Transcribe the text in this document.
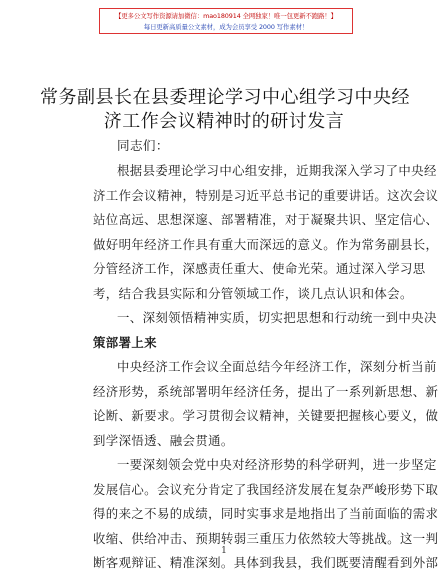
【更多公文写作资源请加微信：mao180914 全网独家！唯一包更新不跑路！】
每日更新高质量公文素材，成为会员享受 2000 写作素材！
常务副县长在县委理论学习中心组学习中央经
济工作会议精神时的研讨发言
同志们：
根据县委理论学习中心组安排，近期我深入学习了中央经
济工作会议精神，特别是习近平总书记的重要讲话。这次会议
站位高远、思想深邃、部署精准，对于凝聚共识、坚定信心、
做好明年经济工作具有重大而深远的意义。作为常务副县长，
分管经济工作，深感责任重大、使命光荣。通过深入学习思
考，结合我县实际和分管领域工作，谈几点认识和体会。
一、深刻领悟精神实质，切实把思想和行动统一到中央决
策部署上来
中央经济工作会议全面总结今年经济工作，深刻分析当前
经济形势，系统部署明年经济任务，提出了一系列新思想、新
论断、新要求。学习贯彻会议精神，关键要把握核心要义，做
到学深悟透、融会贯通。
一要深刻领会党中央对经济形势的科学研判，进一步坚定
发展信心。会议充分肯定了我国经济发展在复杂严峻形势下取
得的来之不易的成绩，同时实事求是地指出了当前面临的需求
收缩、供给冲击、预期转弱三重压力依然较大等挑战。这一判
断客观辩证、精准深刻。具体到我县，我们既要清醒看到外部
1
